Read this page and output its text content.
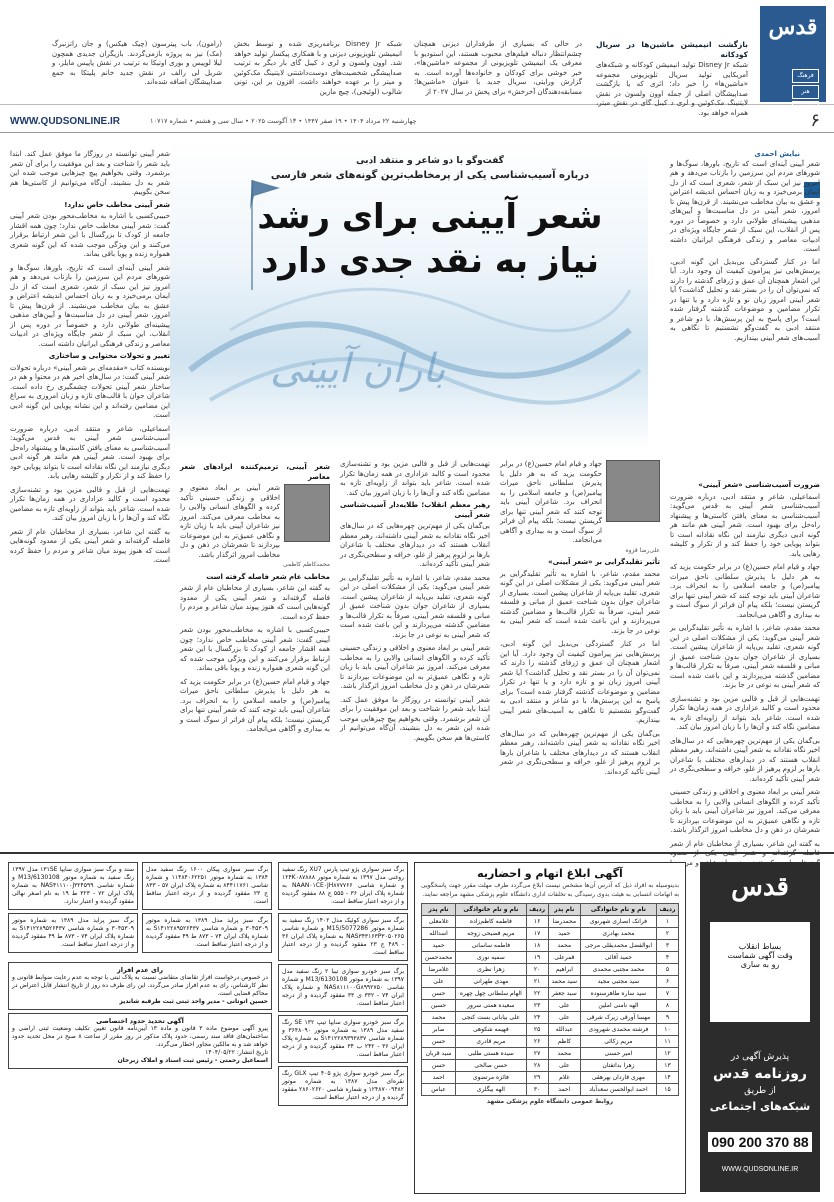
قدس
فرهنگ
هنر
ادب
نظر
بازگشت انیمیشن ماشین‌ها در سریال کودکانه
شبکه Disney Jr تولید انیمیشن کودکانه و شبکه‌های آمریکایی تولید سریال تلویزیونی مجموعه «ماشین‌ها» را خبر داد؛ اثری که یا بازگشت صداپیشگان اصلی از جمله اوون ولسون در نقش لایتنینگ مک‌کوئین و لری د کیبل گای در نقش میتر، همراه خواهد بود.
در حالی که بسیاری از طرفداران دیزنی همچنان چشم‌انتظار دنباله فیلم‌های محبوب هستند، این استودیو با معرفی یک انیمیشن تلویزیونی از مجموعه «ماشین‌ها»، خبر خوشی برای کودکان و خانواده‌ها آورده است. به گزارش ورایتی، سریال جدید با عنوان «ماشین‌ها؛ مسابقه‌دهندگان آخرخش» برای پخش در سال ۲۰۲۷ از
شبکه Disney Jr برنامه‌ریزی شده و توسط بخش انیمیشن تلویزیونی دیزنی و با همکاری پیکسار تولید خواهد شد. اوون ولسون و لری د کیبل گای بار دیگر به ترتیب صداپیشگی شخصیت‌های دوست‌داشتنی لایتنینگ مک‌کوئین و میتر را بر عهده خواهند داشت. افزون بر این، تونی شالوب (لوئیجی)، چیچ مارین
(رامون)، باب پیترسون (چیک هیکس) و جان راتزنبرگ (مک) نیز به پروژه بازمی‌گردند. بازیگران جدیدی همچون لیلا لوپیس و بوری اوتیکا به ترتیب در نقش پاپیس مایلز، و شریل لی رالف در نقش جدید خانم پلیتکا به جمع صداپیشگان اضافه شده‌اند.
WWW.QUDSONLINE.IR	چهارشنبه ۲۲ مرداد ۱۴۰۴ • ۱۹ صفر ۱۴۴۷ • ۱۳ آگوست ۲۰۲۵ • سال سی و هشتم • شماره ۱۰۷۱۷	۶
باران آیینی
گفت‌وگو با دو شاعر و منتقد ادبی
درباره آسیب‌شناسی یکی از پرمخاطب‌ترین گونه‌های شعر فارسی
شعر آیینی برای رشد
نیاز به نقد جدی دارد
نیایش احمدی
شعر آیینی آینه‌ای است که تاریخ، باورها، سوگ‌ها و شورهای مردم این سرزمین را بازتاب می‌دهد و هم امروز نیز این سبک از شعر، شعری است که از دل ایمان برمی‌خیزد و به زبان احساس اندیشه اعتراض و عشق به بیان مخاطب می‌نشیند. از قرن‌ها پیش تا امروز، شعر آیینی در دل مناسبت‌ها و آیین‌های مذهبی پیشینه‌ای طولانی دارد و خصوصاً در دوره پس از انقلاب، این سبک از شعر جایگاه ویژه‌ای در ادبیات معاصر و زندگی فرهنگی ایرانیان داشته است.
اما در کنار گستردگی بی‌بدیل این گونه ادبی، پرسش‌هایی نیز پیرامون کیفیت آن وجود دارد. آیا این اشعار همچنان آن عمق و ژرفای گذشته را دارند که نمی‌توان آن را در بستر نقد و تحلیل گذاشت؟ آیا شعر آیینی امروز زبان نو و تازه دارد و یا تنها در تکرار مضامین و موضوعات گذشته گرفتار شده است؟ برای پاسخ به این پرسش‌ها، با دو شاعر و منتقد ادبی به گفت‌وگو نشستیم تا نگاهی به آسیب‌های شعر آیینی بیندازیم.
ضرورت آسیب‌شناسی «شعر آیینی»
اسماعیلی، شاعر و منتقد ادبی، درباره ضرورت آسیب‌شناسی شعر آیینی به قدس می‌گوید: آسیب‌شناسی به معنای یافتن کاستی‌ها و پیشنهاد راه‌حل برای بهبود است. شعر آیینی هم مانند هر گونه ادبی دیگری نیازمند این نگاه نقادانه است تا بتواند پویایی خود را حفظ کند و از تکرار و کلیشه رهایی یابد.
جهاد و قیام امام حسین(ع) در برابر حکومت یزید که به هر دلیل با پذیرش سلطانی ناحق میراث پیامبر(ص) و جامعه اسلامی را به انحراف برد. شاعران آیینی باید توجه کنند که شعر آیینی تنها برای گریستن نیست؛ بلکه پیام آن فراتر از سوگ است و به بیداری و آگاهی می‌انجامد.
محمد مقدم، شاعر، با اشاره به تأثیر تقلیدگرایی بر شعر آیینی می‌گوید: یکی از مشکلات اصلی در این گونه شعری، تقلید بی‌پایه از شاعران پیشین است. بسیاری از شاعران جوان بدون شناخت عمیق از مبانی و فلسفه شعر آیینی، صرفاً به تکرار قالب‌ها و مضامین گذشته می‌پردازند و این باعث شده است که شعر آیینی به نوعی در جا بزند.
تهمت‌هایی از قبل و قالبی مزین بود و تشنه‌سازی محدود است و کالبد عزاداری در همه زمان‌ها تکرار شده است. شاعر باید بتواند از زاویه‌ای تازه به مضامین نگاه کند و آن‌ها را با زبان امروز بیان کند.
بی‌گمان یکی از مهم‌ترین چهره‌هایی که در سال‌های اخیر نگاه نقادانه به شعر آیینی داشته‌اند، رهبر معظم انقلاب هستند که در دیدارهای مختلف با شاعران بارها بر لزوم پرهیز از غلو، خرافه و سطحی‌نگری در شعر آیینی تأکید کرده‌اند.
شعر آیینی بر ابعاد معنوی و اخلاقی و زندگی حسینی تأکید کرده و الگوهای انسانی والایی را به مخاطب معرفی می‌کند. امروز نیز شاعران آیینی باید با زبان تازه و نگاهی عمیق‌تر به این موضوعات بپردازند تا شعرشان در ذهن و دل مخاطب امروز اثرگذار باشد.
به گفته این شاعر، بسیاری از مخاطبان عام از شعر فاصله گرفته‌اند و شعر آیینی یکی از معدود و
جهاد و قیام امام حسین(ع) در برابر حکومت یزید که به هر دلیل با پذیرش سلطانی ناحق میراث پیامبر(ص) و جامعه اسلامی را به انحراف برد. شاعران آیینی باید توجه کنند که شعر آیینی تنها برای گریستن نیست؛ بلکه پیام آن فراتر از سوگ است و به بیداری و آگاهی می‌انجامد.
علی‌رضا قزوه
تأثیر تقلیدگرایی بر «شعر آیینی»
محمد مقدم، شاعر، با اشاره به تأثیر تقلیدگرایی بر شعر آیینی می‌گوید: یکی از مشکلات اصلی در این گونه شعری، تقلید بی‌پایه از شاعران پیشین است. بسیاری از شاعران جوان بدون شناخت عمیق از مبانی و فلسفه شعر آیینی، صرفاً به تکرار قالب‌ها و مضامین گذشته می‌پردازند و این باعث شده است که شعر آیینی به نوعی در جا بزند.
اما در کنار گستردگی بی‌بدیل این گونه ادبی، پرسش‌هایی نیز پیرامون کیفیت آن وجود دارد. آیا این اشعار همچنان آن عمق و ژرفای گذشته را دارند که نمی‌توان آن را در بستر نقد و تحلیل گذاشت؟ آیا شعر آیینی امروز زبان نو و تازه دارد و یا تنها در تکرار مضامین و موضوعات گذشته گرفتار شده است؟ برای پاسخ به این پرسش‌ها، با دو شاعر و منتقد ادبی به گفت‌وگو نشستیم تا نگاهی به آسیب‌های شعر آیینی بیندازیم.
بی‌گمان یکی از مهم‌ترین چهره‌هایی که در سال‌های اخیر نگاه نقادانه به شعر آیینی داشته‌اند، رهبر معظم انقلاب هستند که در دیدارهای مختلف با شاعران بارها بر لزوم پرهیز از غلو، خرافه و سطحی‌نگری در شعر آیینی تأکید کرده‌اند.
تهمت‌هایی از قبل و قالبی مزین بود و تشنه‌سازی محدود است و کالبد عزاداری در همه زمان‌ها تکرار شده است. شاعر باید بتواند از زاویه‌ای تازه به مضامین نگاه کند و آن‌ها را با زبان امروز بیان کند.
رهبر معظم انقلاب؛ طلایه‌دار آسیب‌شناسی شعر آیینی
بی‌گمان یکی از مهم‌ترین چهره‌هایی که در سال‌های اخیر نگاه نقادانه به شعر آیینی داشته‌اند، رهبر معظم انقلاب هستند که در دیدارهای مختلف با شاعران بارها بر لزوم پرهیز از غلو، خرافه و سطحی‌نگری در شعر آیینی تأکید کرده‌اند.
محمد مقدم، شاعر، با اشاره به تأثیر تقلیدگرایی بر شعر آیینی می‌گوید: یکی از مشکلات اصلی در این گونه شعری، تقلید بی‌پایه از شاعران پیشین است. بسیاری از شاعران جوان بدون شناخت عمیق از مبانی و فلسفه شعر آیینی، صرفاً به تکرار قالب‌ها و مضامین گذشته می‌پردازند و این باعث شده است که شعر آیینی به نوعی در جا بزند.
شعر آیینی بر ابعاد معنوی و اخلاقی و زندگی حسینی تأکید کرده و الگوهای انسانی والایی را به مخاطب معرفی می‌کند. امروز نیز شاعران آیینی باید با زبان تازه و نگاهی عمیق‌تر به این موضوعات بپردازند تا شعرشان در ذهن و دل مخاطب امروز اثرگذار باشد.
شعر آیینی توانسته در روزگار ما موفق عمل کند. ابتدا باید شعر را شناخت و بعد این موفقیت را برای آن شعر برشمرد. وقتی بخواهیم پیچ چیزهایی موجب شده این شعر به دل بنشیند، آن‌گاه می‌توانیم از کاستی‌ها هم سخن بگوییم.
شعر آیینی، ترمیم‌کننده ایرادهای شعر معاصر
شعر آیینی بر ابعاد معنوی و اخلاقی و زندگی حسینی تأکید کرده و الگوهای انسانی والایی را به مخاطب معرفی می‌کند. امروز نیز شاعران آیینی باید با زبان تازه و نگاهی عمیق‌تر به این موضوعات بپردازند تا شعرشان در ذهن و دل مخاطب امروز اثرگذار باشد.
محمدکاظم کاظمی
مخاطب عام شعر فاصله گرفته است
به گفته این شاعر، بسیاری از مخاطبان عام از شعر فاصله گرفته‌اند و شعر آیینی یکی از معدود گونه‌هایی است که هنوز پیوند میان شاعر و مردم را حفظ کرده است.
حبیبی‌کسبی با اشاره به مخاطب‌محور بودن شعر آیینی گفت: شعر آیینی مخاطب خاص ندارد؛ چون همه اقشار جامعه از کودک تا بزرگسال با این شعر ارتباط برقرار می‌کنند و این ویژگی موجب شده که این گونه شعری همواره زنده و پویا باقی بماند.
جهاد و قیام امام حسین(ع) در برابر حکومت یزید که به هر دلیل با پذیرش سلطانی ناحق میراث پیامبر(ص) و جامعه اسلامی را به انحراف برد. شاعران آیینی باید توجه کنند که شعر آیینی تنها برای گریستن نیست؛ بلکه پیام آن فراتر از سوگ است و به بیداری و آگاهی می‌انجامد.
شعر آیینی توانسته در روزگار ما موفق عمل کند. ابتدا باید شعر را شناخت و بعد این موفقیت را برای آن شعر برشمرد. وقتی بخواهیم پیچ چیزهایی موجب شده این شعر به دل بنشیند، آن‌گاه می‌توانیم از کاستی‌ها هم سخن بگوییم.
شعر آیینی مخاطب خاص ندارد!
حبیبی‌کسبی با اشاره به مخاطب‌محور بودن شعر آیینی گفت: شعر آیینی مخاطب خاص ندارد؛ چون همه اقشار جامعه از کودک تا بزرگسال با این شعر ارتباط برقرار می‌کنند و این ویژگی موجب شده که این گونه شعری همواره زنده و پویا باقی بماند.
شعر آیینی آینه‌ای است که تاریخ، باورها، سوگ‌ها و شورهای مردم این سرزمین را بازتاب می‌دهد و هم امروز نیز این سبک از شعر، شعری است که از دل ایمان برمی‌خیزد و به زبان احساس اندیشه اعتراض و عشق به بیان مخاطب می‌نشیند. از قرن‌ها پیش تا امروز، شعر آیینی در دل مناسبت‌ها و آیین‌های مذهبی پیشینه‌ای طولانی دارد و خصوصاً در دوره پس از انقلاب، این سبک از شعر جایگاه ویژه‌ای در ادبیات معاصر و زندگی فرهنگی ایرانیان داشته است.
تغییر و تحولات محتوایی و ساختاری
نویسنده کتاب «مقدمه‌ای بر شعر آیینی» درباره تحولات شعر آیینی گفت: در سال‌های اخیر هم در محتوا و هم در ساختار شعر آیینی تحولات چشمگیری رخ داده است. شاعران جوان با قالب‌های تازه و زبان امروزی به سراغ این مضامین رفته‌اند و این نشانه پویایی این گونه ادبی است.
اسماعیلی، شاعر و منتقد ادبی، درباره ضرورت آسیب‌شناسی شعر آیینی به قدس می‌گوید: آسیب‌شناسی به معنای یافتن کاستی‌ها و پیشنهاد راه‌حل برای بهبود است. شعر آیینی هم مانند هر گونه ادبی دیگری نیازمند این نگاه نقادانه است تا بتواند پویایی خود را حفظ کند و از تکرار و کلیشه رهایی یابد.
تهمت‌هایی از قبل و قالبی مزین بود و تشنه‌سازی محدود است و کالبد عزاداری در همه زمان‌ها تکرار شده است. شاعر باید بتواند از زاویه‌ای تازه به مضامین نگاه کند و آن‌ها را با زبان امروز بیان کند.
به گفته این شاعر، بسیاری از مخاطبان عام از شعر فاصله گرفته‌اند و شعر آیینی یکی از معدود گونه‌هایی است که هنوز پیوند میان شاعر و مردم را حفظ کرده است.
قدس
بساط انقلاب
وقت آگهی شماست
رو به ساری
پذیرش آگهی در
روزنامه قدس
از طریق
شبکه‌های اجتماعی
090 200 370 88
WWW.QUDSONLINE.IR
آگهی ابلاغ اتهام و احضاریه
بدینوسیله به افراد ذیل که آدرس آن‌ها مشخص نیست ابلاغ می‌گردد ظرف مهلت مقرر جهت پاسخگویی به اتهامات انتسابی به هیئت بدوی رسیدگی به تخلفات اداری دانشگاه علوم پزشکی مشهد مراجعه نمایند.
ردیف	نام و نام خانوادگی	نام پدر	ردیف	نام و نام خانوادگی	نام پدر
۱	فرانک انصاری شهرنوی	محمدرضا	۱۶	فاطمه کاظم‌زاده	غلامعلی
۲	محمد بهادری	حمید	۱۷	مریم فصیحی زوجه	اسدالله
۳	ابوالفضل محمدیقلی مرجی	محمد	۱۸	فاطمه ساسانی	حمید
۴	حمید آقائی	قمرعلی	۱۹	سمیه نوری	محمدحسن
۵	محمد مجتبی محمدی	ابراهیم	۲۰	زهرا نظری	غلامرضا
۶	سید مجتبی مجید	سید محمد	۲۱	مهدی طهرانی	علی
۷	سید ساره طاهرسنوده	سید جعفر	۲۲	الهام سلطانی چهل چهره	حسن
۸	الهه نامنی املین	علی	۲۳	سعیده همتی سرور	حسین
۹	مهسا آورقی زیرک شرقی	علی	۲۴	علی بیابانی بست کنجی	محمد
۱۰	فرشته محمدی شهرودی	عبدالله	۲۵	فهیمه شکوهی	صابر
۱۱	مریم زکائی	کاظم	۲۶	مریم قادری	حسن
۱۲	امیر حسنی	محمد	۲۷	سیده هستی طلبی	سید قربان
۱۳	زهرا بداتفتان	علی	۲۸	حسن صالحی	حسن
۱۴	مهری قاردان بهرهقی	غلام	۲۹	فائزه مرتضوی	احمد
۱۵	احمد ابوالحسن سعدآباد	احمد	۳۰	الهه بیگلری	عباس
روابط عمومی دانشگاه علوم پزشکی مشهد
برگ سبز سواری پژو تیپ پارس XU7 رنگ سفید روغنی مدل ۱۳۹۷ به شماره موتور ۱۲۴K۰۸۷۸۸۸ و شماره شاسی NAAN۰۱CE۰JH۸۷۷۷۶۶ به شماره پلاک ایران ۳۶ - ۵۵۵ ج ۸۸ مفقود گردیده و از درجه اعتبار ساقط است.
برگ سبز سواری کوئیک مدل ۱۴۰۲ رنگ سفید به شماره موتور M15/5077286 و شماره شاسی NAS۳۴۳۱۶۳P۳۰۵۰۲۶۵ به شماره پلاک ایران ۳۶ - ۴۸۹ ج ۲۳ مفقود گردیده و از درجه اعتبار ساقط است.
برگ سبز خودرو سواری تیبا ۲ رنگ سفید مدل ۱۳۹۷ به شماره موتور M13/6130108 و شماره شاسی NAS۸۱۱۱۰۰G۸۹۹۲۷۵۰ و شماره پلاک ایران ۷۴ - ۳۳۲ ی ۳۳ مفقود گردیده و از درجه اعتبار ساقط است.
برگ سبز خودرو سواری سایپا تیپ SE ۱۳۲ رنگ سفید مدل ۱۳۸۹ به شماره موتور ۳۶۴۸۰۹۰ و شماره شاسی S۱۴۱۲۲۸۹۳۹۳۸۳۷ به شماره پلاک ایران ۳۶ - ۲۴۲ ب ۳۴ مفقود گردیده و از درجه اعتبار ساقط است.
برگ سبز خودرو سواری پژو ۴۰۵ تیپ GLX رنگ نقره‌ای مدل ۱۳۸۷ به شماره موتور ۱۲۴۸۷۰۰۹۴۸۲ و شماره شاسی ۲۸۶۰۲۶۲۰ مفقود گردیده و از درجه اعتبار ساقط است.
برگ سبز سواری پیکان ۱۶۰۰ رنگ سفید مدل ۱۳۸۴ به شماره موتور ۱۱۴۸۴۰۶۲۲۵۱ و شماره شاسی ۸۴۴۱۱۷۶۱ به شماره پلاک ایران ۵۷ - ۸۳۳ ج ۲۳ مفقود گردیده و از درجه اعتبار ساقط است.
برگ سبز پراید مدل ۱۳۸۹ به شماره موتور ۳۰۴۵۳۰۹ و شماره شاسی S۱۴۱۲۲۸۹۵۲۶۴۳۷ به شماره پلاک ایران ۷۴ - ۸۷۳ ط ۴۹ مفقود گردیده و از درجه اعتبار ساقط است.
سند و برگ سبز سواری سایپا ۱۳۱SE مدل ۱۳۹۷ رنگ سفید به شماره موتور M13/6130108 و شماره شاسی NAS۴۱۱۱۰۰J۳۲۴۵۹۹ به شماره پلاک ایران ۷۲ - ۳۲۳ ط ۱۹ به نام اصغر نهالی مفقود گردیده و اعتبار ندارد.
برگ سبز پراید مدل ۱۳۸۹ به شماره موتور ۳۰۴۵۳۰۹ و شماره شاسی S۱۴۱۲۲۸۹۵۲۶۴۳۷ به شماره پلاک ایران ۷۴ - ۸۷۳ ط ۴۹ مفقود گردیده و از درجه اعتبار ساقط است.
رای عدم افراز
در خصوص درخواست افراز تقاضای متقاضی نسبت به پلاک ثبتی با توجه به عدم رعایت ضوابط قانونی و نظر کارشناس، رای به عدم افراز صادر می‌گردد. این رای ظرف ده روز از تاریخ انتشار قابل اعتراض در محاکم قضایی است.
حسین اتوتانی - مدیر واحد ثبتی ثبت طرقبه شاندیز
آگهی تحدید حدود اختصاصی
پیرو آگهی موضوع ماده ۳ قانون و ماده ۱۳ آیین‌نامه قانون تعیین تکلیف وضعیت ثبتی اراضی و ساختمان‌های فاقد سند رسمی، حدود پلاک مذکور در روز مقرر از ساعت ۸ صبح در محل تحدید حدود خواهد شد و به مالکین مجاور اخطار می‌گردد.
تاریخ انتشار: ۱۴۰۴/۰۵/۲۲
اسماعیل رحمتی - رئیس ثبت اسناد و املاک زبرخان
